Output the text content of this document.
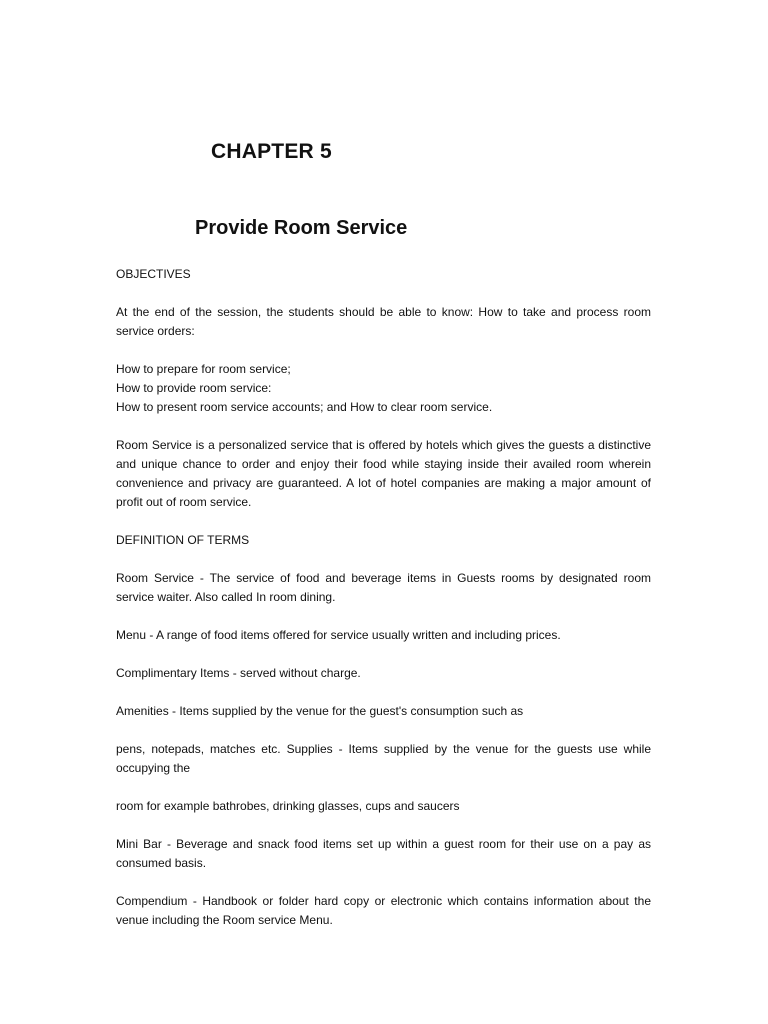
CHAPTER 5
Provide Room Service

OBJECTIVES

At the end of the session, the students should be able to know: How to take and process room service orders:

How to prepare for room service;

How to provide room service:

How to present room service accounts; and How to clear room service.

Room Service is a personalized service that is offered by hotels which gives the guests a distinctive and unique chance to order and enjoy their food while staying inside their availed room wherein convenience and privacy are guaranteed. A lot of hotel companies are making a major amount of profit out of room service.

DEFINITION OF TERMS

Room Service - The service of food and beverage items in Guests rooms by designated room service waiter. Also called In room dining.

Menu - A range of food items offered for service usually written and including prices.

Complimentary Items - served without charge.

Amenities - Items supplied by the venue for the guest's consumption such as

pens, notepads, matches etc. Supplies - Items supplied by the venue for the guests use while occupying the

room for example bathrobes, drinking glasses, cups and saucers

Mini Bar - Beverage and snack food items set up within a guest room for their use on a pay as consumed basis.

Compendium - Handbook or folder hard copy or electronic which contains information about the venue including the Room service Menu.
